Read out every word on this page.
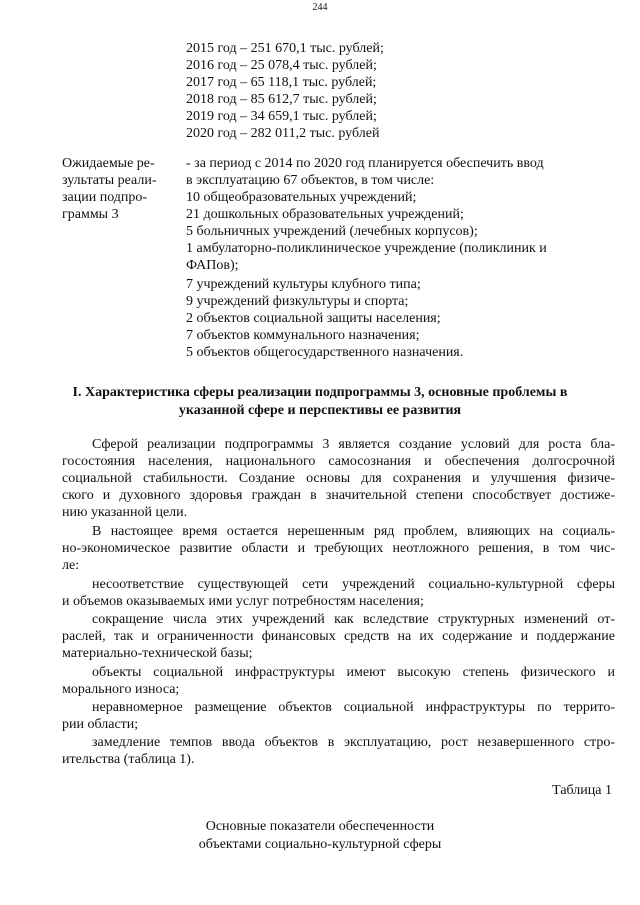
244
2015 год – 251 670,1 тыс. рублей;
2016 год – 25 078,4 тыс. рублей;
2017 год – 65 118,1 тыс. рублей;
2018 год – 85 612,7 тыс. рублей;
2019 год – 34 659,1 тыс. рублей;
2020 год – 282 011,2 тыс. рублей
Ожидаемые ре-
зультаты реали-
зации подпро-
граммы 3
- за период с 2014 по 2020 год планируется обеспечить ввод
в эксплуатацию 67 объектов, в том числе:
10 общеобразовательных учреждений;
21 дошкольных образовательных учреждений;
5 больничных учреждений (лечебных корпусов);
1 амбулаторно-поликлиническое учреждение (поликлиник и
ФАПов);
7 учреждений культуры клубного типа;
9 учреждений физкультуры и спорта;
2 объектов социальной защиты населения;
7 объектов коммунального назначения;
5 объектов общегосударственного назначения.
I. Характеристика сферы реализации подпрограммы 3, основные проблемы в
указанной сфере и перспективы ее развития
Сферой реализации подпрограммы 3 является создание условий для роста бла-
госостояния населения, национального самосознания и обеспечения долгосрочной
социальной стабильности. Создание основы для сохранения и улучшения физиче-
ского и духовного здоровья граждан в значительной степени способствует достиже-
нию указанной цели.
В настоящее время остается нерешенным ряд проблем, влияющих на социаль-
но-экономическое развитие области и требующих неотложного решения, в том чис-
ле:
несоответствие существующей сети учреждений социально-культурной сферы
и объемов оказываемых ими услуг потребностям населения;
сокращение числа этих учреждений как вследствие структурных изменений от-
раслей, так и ограниченности финансовых средств на их содержание и поддержание
материально-технической базы;
объекты социальной инфраструктуры имеют высокую степень физического и
морального износа;
неравномерное размещение объектов социальной инфраструктуры по террито-
рии области;
замедление темпов ввода объектов в эксплуатацию, рост незавершенного стро-
ительства (таблица 1).
Таблица 1
Основные показатели обеспеченности
объектами социально-культурной сферы
